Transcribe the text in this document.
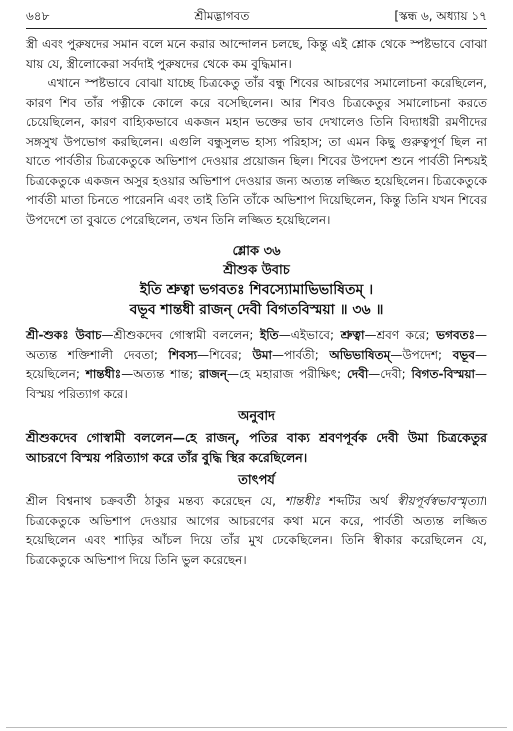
৬৪৮	শ্রীমদ্ভাগবত	[স্কন্ধ ৬, অধ্যায় ১৭

স্ত্রী এবং পুরুষদের সমান বলে মনে করার আন্দোলন চলছে, কিন্তু এই শ্লোক থেকে স্পষ্টভাবে বোঝা যায় যে, স্ত্রীলোকেরা সর্বদাই পুরুষদের থেকে কম বুদ্ধিমান।

এখানে স্পষ্টভাবে বোঝা যাচ্ছে চিত্রকেতু তাঁর বন্ধু শিবের আচরণের সমালোচনা করেছিলেন, কারণ শিব তাঁর পত্নীকে কোলে করে বসেছিলেন। আর শিবও চিত্রকেতুর সমালোচনা করতে চেয়েছিলেন, কারণ বাহ্যিকভাবে একজন মহান ভক্তের ভাব দেখালেও তিনি বিদ্যাধরী রমণীদের সঙ্গসুখ উপভোগ করছিলেন। এগুলি বন্ধুসুলভ হাস্য পরিহাস; তা এমন কিছু গুরুত্বপূর্ণ ছিল না যাতে পার্বতীর চিত্রকেতুকে অভিশাপ দেওয়ার প্রয়োজন ছিল। শিবের উপদেশ শুনে পার্বতী নিশ্চয়ই চিত্রকেতুকে একজন অসুর হওয়ার অভিশাপ দেওয়ার জন্য অত্যন্ত লজ্জিত হয়েছিলেন। চিত্রকেতুকে পার্বতী মাতা চিনতে পারেননি এবং তাই তিনি তাঁকে অভিশাপ দিয়েছিলেন, কিন্তু তিনি যখন শিবের উপদেশে তা বুঝতে পেরেছিলেন, তখন তিনি লজ্জিত হয়েছিলেন।

শ্লোক ৩৬

শ্রীশুক উবাচ

ইতি শ্রুত্বা ভগবতঃ শিবস্যোমাভিভাষিতম্ ।

বভূব শান্তধী রাজন্ দেবী বিগতবিস্ময়া ॥ ৩৬ ॥

শ্রী-শুকঃ উবাচ—শ্রীশুকদেব গোস্বামী বললেন; ইতি—এইভাবে; শ্রুত্বা—শ্রবণ করে; ভগবতঃ—অত্যন্ত শক্তিশালী দেবতা; শিবস্য—শিবের; উমা—পার্বতী; অভিভাষিতম্—উপদেশ; বভূব—হয়েছিলেন; শান্তধীঃ—অত্যন্ত শান্ত; রাজন্—হে মহারাজ পরীক্ষিৎ; দেবী—দেবী; বিগত-বিস্ময়া—বিস্ময় পরিত্যাগ করে।

অনুবাদ

শ্রীশুকদেব গোস্বামী বললেন—হে রাজন্, পতির বাক্য শ্রবণপূর্বক দেবী উমা চিত্রকেতুর আচরণে বিস্ময় পরিত্যাগ করে তাঁর বুদ্ধি স্থির করেছিলেন।

তাৎপর্য

শ্রীল বিশ্বনাথ চক্রবর্তী ঠাকুর মন্তব্য করেছেন যে, শান্তধীঃ শব্দটির অর্থ স্বীয়পূর্বস্বভাবস্মৃত্যা। চিত্রকেতুকে অভিশাপ দেওয়ার আগের আচরণের কথা মনে করে, পার্বতী অত্যন্ত লজ্জিত হয়েছিলেন এবং শাড়ির আঁচল দিয়ে তাঁর মুখ ঢেকেছিলেন। তিনি স্বীকার করেছিলেন যে, চিত্রকেতুকে অভিশাপ দিয়ে তিনি ভুল করেছেন।
